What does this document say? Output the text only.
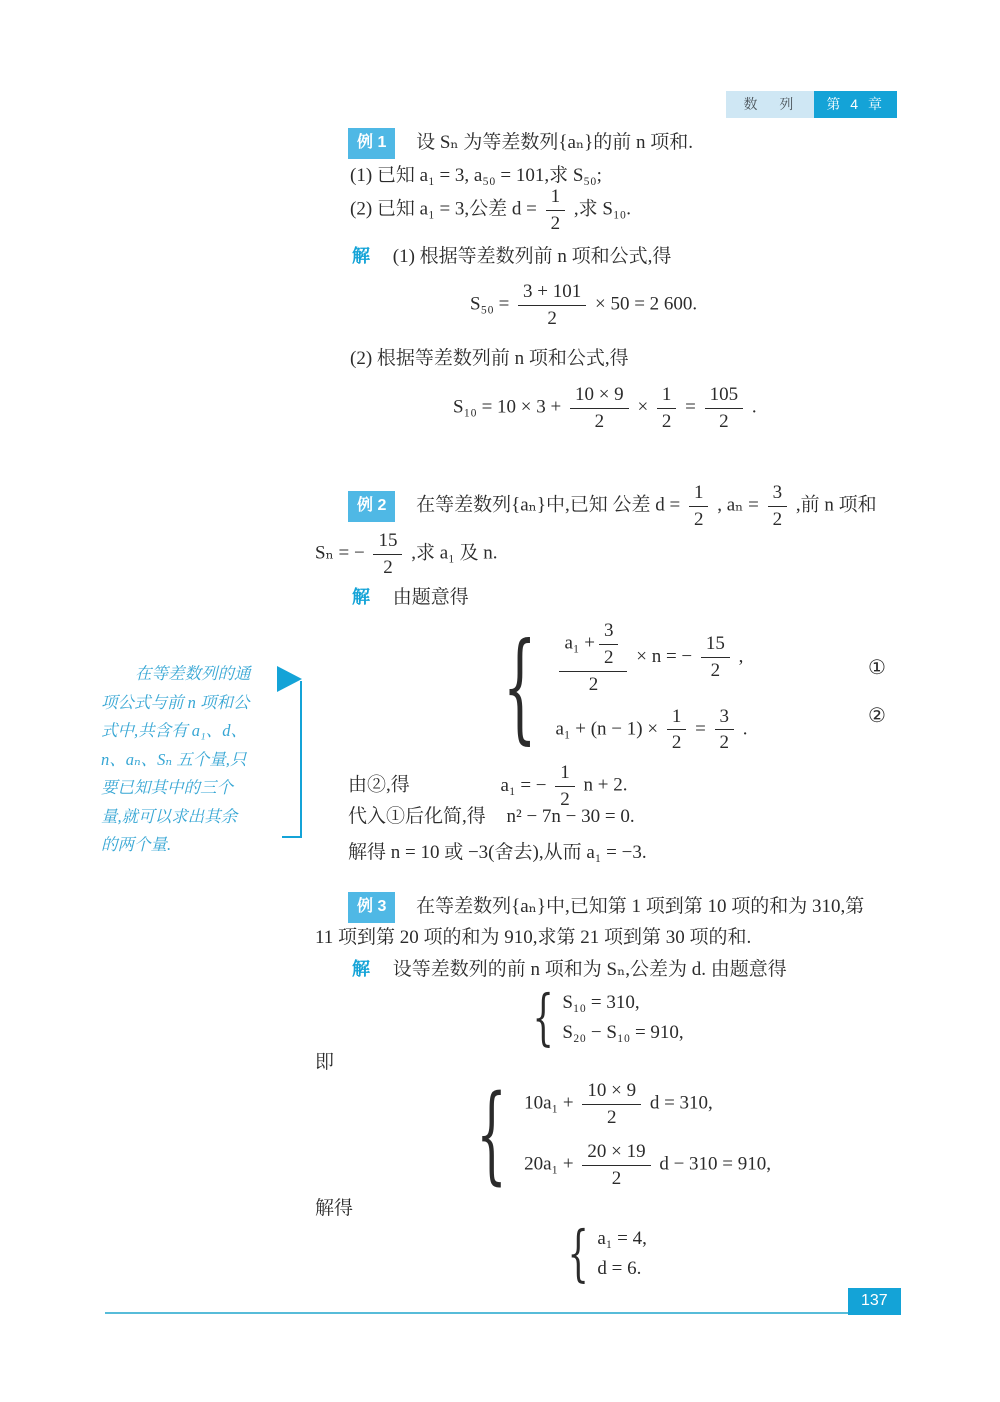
数 列	第 4 章
例 1 设 Sₙ 为等差数列{aₙ}的前 n 项和.
(1) 已知 a₁ = 3, a₅₀ = 101,求 S₅₀;
(2) 已知 a₁ = 3,公差 $d = \frac{1}{2}$ ,求 S₁₀.
解 (1) 根据等差数列前 n 项和公式,得
$S_{50} = \frac{3 + 101}{2} \times 50 = 2$ 600.
(2) 根据等差数列前 n 项和公式,得
$S_{10} = 10 \times 3 + \frac{10 \times 9}{2} \times \frac{1}{2} = \frac{105}{2}$ .
例 2 在等差数列{aₙ}中,已知 公差 $d = \frac{1}{2}$ , $a_n = \frac{3}{2}$ ,前 n 项和
Sₙ = − $\frac{15}{2}$ ,求 a₁ 及 n.
解 由题意得
{ $\frac{a_1 + \frac{3}{2}}{2} \times n$ = − $\frac{15}{2}$ ,
$a_1 + (n - 1) \times \frac{1}{2} = \frac{3}{2}$ .
①
②
由②,得	a₁ = − $\frac{1}{2}$ n + 2.
代入①后化简,得 n² − 7n − 30 = 0.
解得 n = 10 或 −3(舍去),从而 a₁ = −3.
在等差数列的通
项公式与前 n 项和公
式中,共含有 a₁、d、
n、aₙ、Sₙ 五个量,只
要已知其中的三个
量,就可以求出其余
的两个量.
例 3 在等差数列{aₙ}中,已知第 1 项到第 10 项的和为 310,第
11 项到第 20 项的和为 910,求第 21 项到第 30 项的和.
解 设等差数列的前 n 项和为 Sₙ,公差为 d. 由题意得
{ S₁₀ = 310,
S₂₀ − S₁₀ = 910,
即
{ $10a_1 + \frac{10 \times 9}{2}$ d = 310,
$20a_1 + \frac{20 \times 19}{2}$ d − 310 = 910,
解得
{ a₁ = 4,
d = 6.
137
